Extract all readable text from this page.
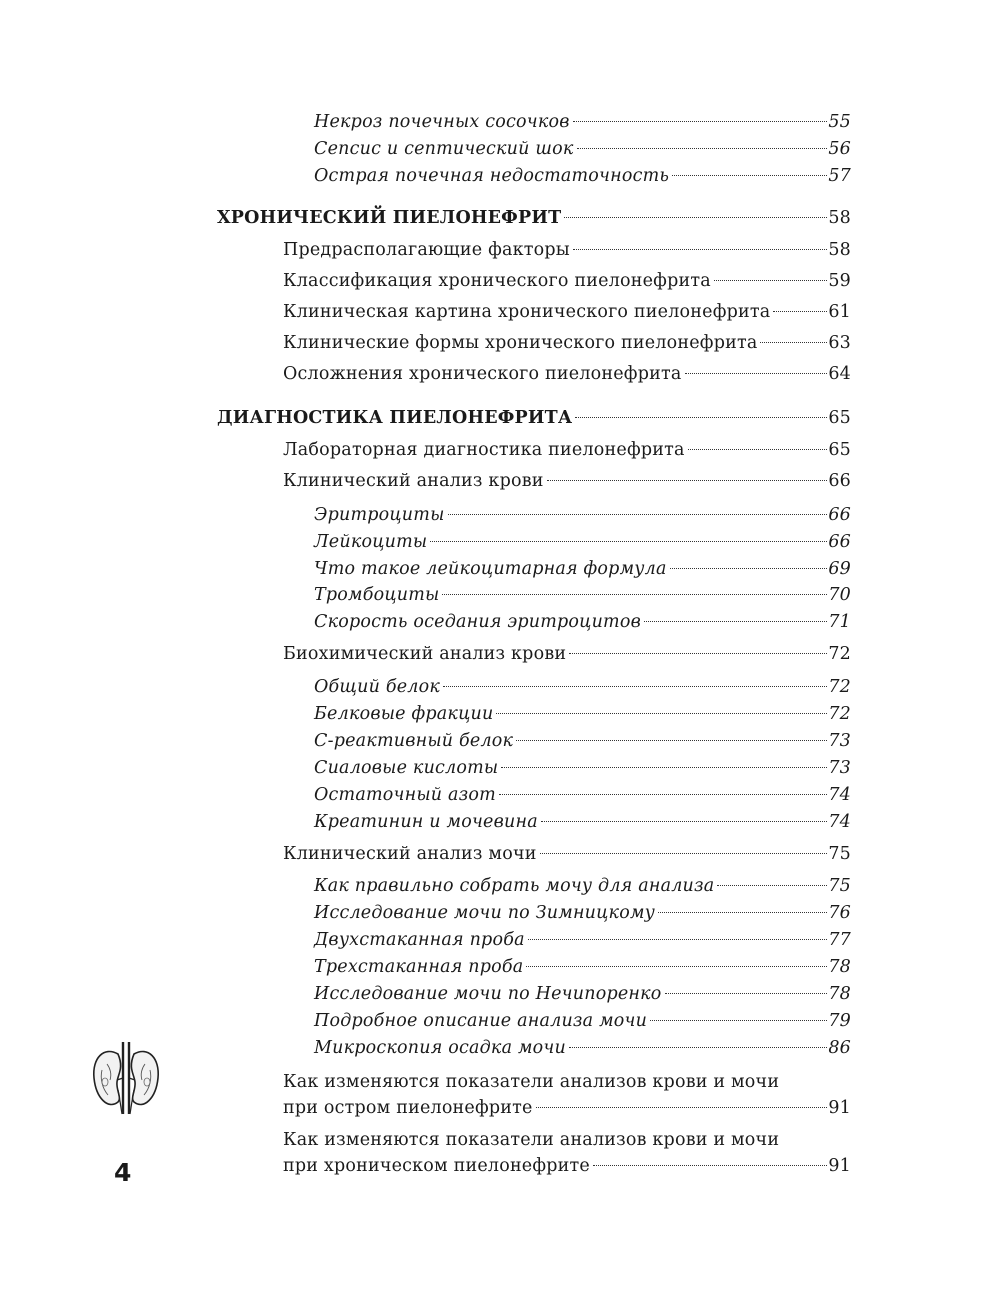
Некроз почечных сосочков	55
Сепсис и септический шок	56
Острая почечная недостаточность	57
ХРОНИЧЕСКИЙ ПИЕЛОНЕФРИТ	58
Предрасполагающие факторы	58
Классификация хронического пиелонефрита	59
Клиническая картина хронического пиелонефрита	61
Клинические формы хронического пиелонефрита	63
Осложнения хронического пиелонефрита	64
ДИАГНОСТИКА ПИЕЛОНЕФРИТА	65
Лабораторная диагностика пиелонефрита	65
Клинический анализ крови	66
Эритроциты	66
Лейкоциты	66
Что такое лейкоцитарная формула	69
Тромбоциты	70
Скорость оседания эритроцитов	71
Биохимический анализ крови	72
Общий белок	72
Белковые фракции	72
С-реактивный белок	73
Сиаловые кислоты	73
Остаточный азот	74
Креатинин и мочевина	74
Клинический анализ мочи	75
Как правильно собрать мочу для анализа	75
Исследование мочи по Зимницкому	76
Двухстаканная проба	77
Трехстаканная проба	78
Исследование мочи по Нечипоренко	78
Подробное описание анализа мочи	79
Микроскопия осадка мочи	86
Как изменяются показатели анализов крови и мочи
при остром пиелонефрите	91
Как изменяются показатели анализов крови и мочи
при хроническом пиелонефрите	91
4
